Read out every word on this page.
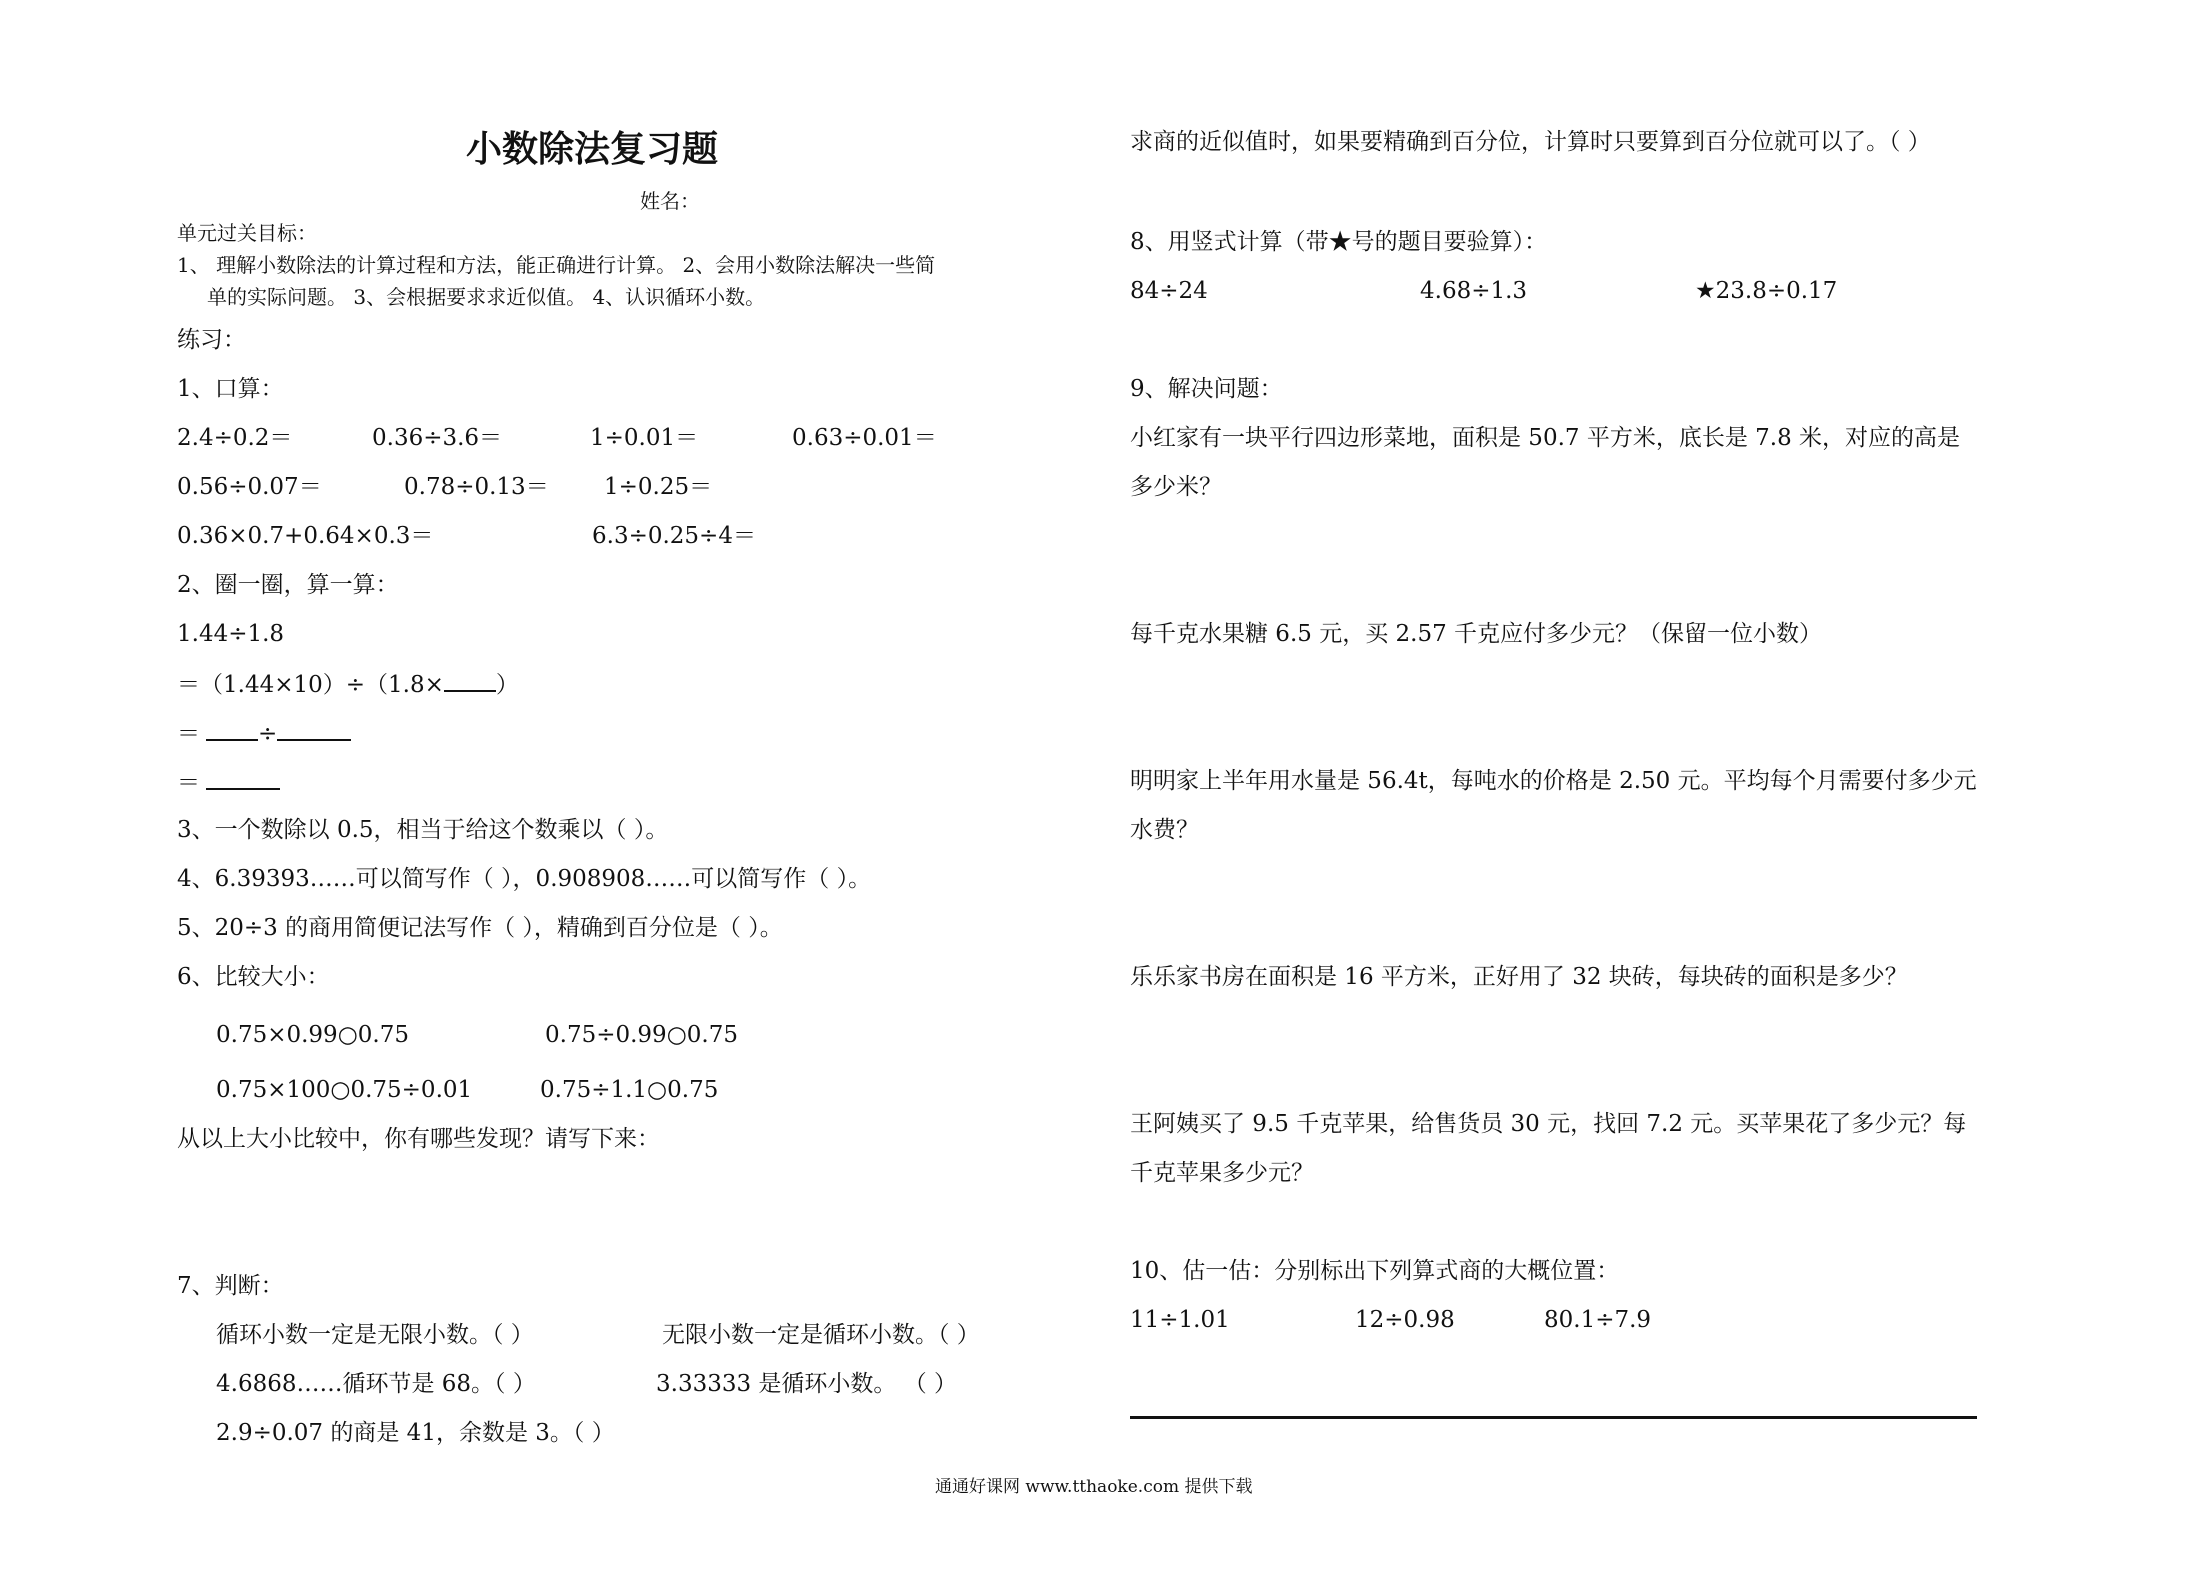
小数除法复习题
姓名：
单元过关目标：
1、 理解小数除法的计算过程和方法，能正确进行计算。 2、会用小数除法解决一些简
单的实际问题。 3、会根据要求求近似值。 4、认识循环小数。
练习：
1、口算：
2.4÷0.2＝	0.36÷3.6＝	1÷0.01＝	0.63÷0.01＝
0.56÷0.07＝	0.78÷0.13＝ 1÷0.25＝
0.36×0.7+0.64×0.3＝	6.3÷0.25÷4＝
2、圈一圈，算一算：
1.44÷1.8
＝（1.44×10）÷（1.8× ）
＝	÷
＝
3、一个数除以 0.5，相当于给这个数乘以（ ）。
4、6.39393……可以简写作（ ），0.908908……可以简写作（ ）。
5、20÷3 的商用简便记法写作（ ），精确到百分位是（ ）。
6、比较大小：
0.75×0.99○0.75	0.75÷0.99○0.75
0.75×100○0.75÷0.01	0.75÷1.1○0.75
从以上大小比较中，你有哪些发现？请写下来：
7、判断：
循环小数一定是无限小数。（ ）	无限小数一定是循环小数。（ ）
4.6868……循环节是 68。（ ）	3.33333 是循环小数。 （ ）
2.9÷0.07 的商是 41，余数是 3。（ ）
求商的近似值时，如果要精确到百分位，计算时只要算到百分位就可以了。（ ）
8、用竖式计算（带★号的题目要验算）：
84÷24	4.68÷1.3	★23.8÷0.17
9、解决问题：
小红家有一块平行四边形菜地，面积是 50.7 平方米，底长是 7.8 米，对应的高是
多少米？
每千克水果糖 6.5 元，买 2.57 千克应付多少元？（保留一位小数）
明明家上半年用水量是 56.4t，每吨水的价格是 2.50 元。平均每个月需要付多少元
水费？
乐乐家书房在面积是 16 平方米，正好用了 32 块砖，每块砖的面积是多少？
王阿姨买了 9.5 千克苹果，给售货员 30 元，找回 7.2 元。买苹果花了多少元？每
千克苹果多少元？
10、估一估：分别标出下列算式商的大概位置：
11÷1.01	12÷0.98	80.1÷7.9
通通好课网 www.tthaoke.com 提供下载
